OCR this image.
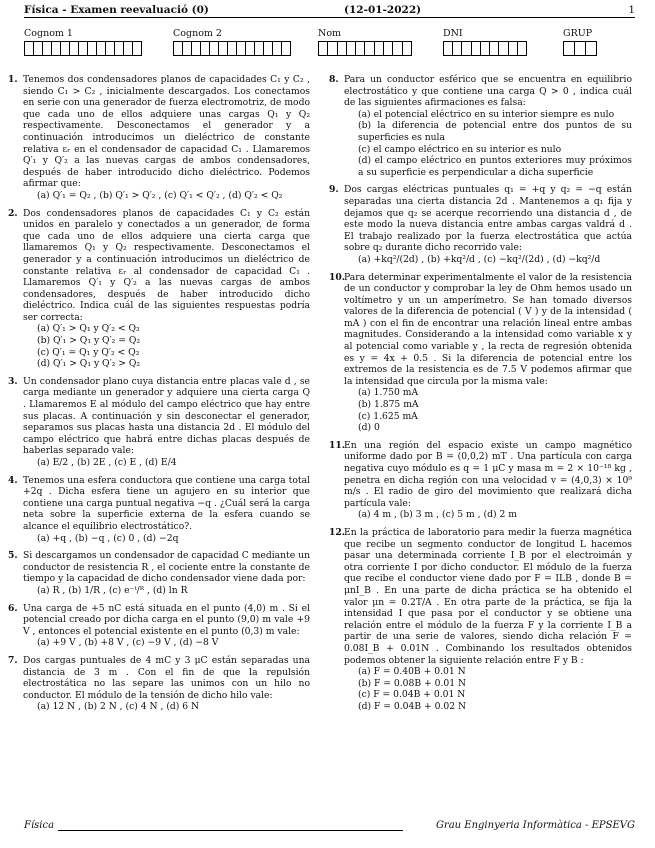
Física - Examen reevaluació (0)	(12-01-2022)	1
Cognom 1	Cognom 2	Nom	DNI	GRUP
1. Tenemos dos condensadores planos de capacidades C₁ y C₂ , siendo C₁ > C₂ , inicialmente descargados. Los conectamos en serie con una generador de fuerza electromotriz, de modo que cada uno de ellos adquiere unas cargas Q₁ y Q₂ respectivamente. Desconectamos el generador y a continuación introducimos un dieléctrico de constante relativa εᵣ en el condensador de capacidad C₁ . Llamaremos Q′₁ y Q′₂ a las nuevas cargas de ambos condensadores, después de haber introducido dicho dieléctrico. Podemos afirmar que:
(a) Q′₁ = Q₂ , (b) Q′₁ > Q′₂ , (c) Q′₁ < Q′₂ , (d) Q′₂ < Q₂
2. Dos condensadores planos de capacidades C₁ y C₂ están unidos en paralelo y conectados a un generador, de forma que cada uno de ellos adquiere una cierta carga que llamaremos Q₁ y Q₂ respectivamente. Desconectamos el generador y a continuación introducimos un dieléctrico de constante relativa εᵣ al condensador de capacidad C₁ . Llamaremos Q′₁ y Q′₂ a las nuevas cargas de ambos condensadores, después de haber introducido dicho dieléctrico. Indica cuál de las siguientes respuestas podría ser correcta:
(a) Q′₁ > Q₁ y Q′₂ < Q₂
(b) Q′₁ > Q₁ y Q′₂ = Q₂
(c) Q′₁ = Q₁ y Q′₂ < Q₂
(d) Q′₁ > Q₁ y Q′₂ > Q₂
3. Un condensador plano cuya distancia entre placas vale d , se carga mediante un generador y adquiere una cierta carga Q . Llamaremos E al módulo del campo eléctrico que hay entre sus placas. A continuación y sin desconectar el generador, separamos sus placas hasta una distancia 2d . El módulo del campo eléctrico que habrá entre dichas placas después de haberlas separado vale:
(a) E/2 , (b) 2E , (c) E , (d) E/4
4. Tenemos una esfera conductora que contiene una carga total +2q . Dicha esfera tiene un agujero en su interior que contiene una carga puntual negativa −q . ¿Cuál será la carga neta sobre la superficie externa de la esfera cuando se alcance el equilibrio electrostático?.
(a) +q , (b) −q , (c) 0 , (d) −2q
5. Si descargamos un condensador de capacidad C mediante un conductor de resistencia R , el cociente entre la constante de tiempo y la capacidad de dicho condensador viene dada por:
(a) R , (b) 1/R , (c) e⁻ᵗ/ᴿ , (d) ln R
6. Una carga de +5 nC está situada en el punto (4,0) m . Si el potencial creado por dicha carga en el punto (9,0) m vale +9 V , entonces el potencial existente en el punto (0,3) m vale:
(a) +9 V , (b) +8 V , (c) −9 V , (d) −8 V
7. Dos cargas puntuales de 4 mC y 3 μC están separadas una distancia de 3 m . Con el fin de que la repulsión electrostática no las separe las unimos con un hilo no conductor. El módulo de la tensión de dicho hilo vale:
(a) 12 N , (b) 2 N , (c) 4 N , (d) 6 N
8. Para un conductor esférico que se encuentra en equilibrio electrostático y que contiene una carga Q > 0 , indica cuál de las siguientes afirmaciones es falsa:
(a) el potencial eléctrico en su interior siempre es nulo
(b) la diferencia de potencial entre dos puntos de su superficies es nula
(c) el campo eléctrico en su interior es nulo
(d) el campo eléctrico en puntos exteriores muy próximos a su superficie es perpendicular a dicha superficie
9. Dos cargas eléctricas puntuales q₁ = +q y q₂ = −q están separadas una cierta distancia 2d . Mantenemos a q₁ fija y dejamos que q₂ se acerque recorriendo una distancia d , de este modo la nueva distancia entre ambas cargas valdrá d . El trabajo realizado por la fuerza electrostática que actúa sobre q₂ durante dicho recorrido vale:
(a) +kq²/(2d) , (b) +kq²/d , (c) −kq²/(2d) , (d) −kq²/d
10. Para determinar experimentalmente el valor de la resistencia de un conductor y comprobar la ley de Ohm hemos usado un voltímetro y un un amperímetro. Se han tomado diversos valores de la diferencia de potencial ( V ) y de la intensidad ( mA ) con el fin de encontrar una relación lineal entre ambas magnitudes. Considerando a la intensidad como variable x y al potencial como variable y , la recta de regresión obtenida es y = 4x + 0.5 . Si la diferencia de potencial entre los extremos de la resistencia es de 7.5 V podemos afirmar que la intensidad que circula por la misma vale:
(a) 1.750 mA
(b) 1.875 mA
(c) 1.625 mA
(d) 0
11. En una región del espacio existe un campo magnético uniforme dado por B = (0,0,2) mT . Una partícula con carga negativa cuyo módulo es q = 1 μC y masa m = 2 × 10⁻¹⁸ kg , penetra en dicha región con una velocidad v = (4,0,3) × 10⁹ m/s . El radio de giro del movimiento que realizará dicha partícula vale:
(a) 4 m , (b) 3 m , (c) 5 m , (d) 2 m
12. En la práctica de laboratorio para medir la fuerza magnética que recibe un segmento conductor de longitud L hacemos pasar una determinada corriente I_B por el electroimán y otra corriente I por dicho conductor. El módulo de la fuerza que recibe el conductor viene dado por F = ILB , donde B = μnI_B . En una parte de dicha práctica se ha obtenido el valor μn = 0.2T/A . En otra parte de la práctica, se fija la intensidad I que pasa por el conductor y se obtiene una relación entre el módulo de la fuerza F y la corriente I_B a partir de una serie de valores, siendo dicha relación F = 0.08I_B + 0.01N . Combinando los resultados obtenidos podemos obtener la siguiente relación entre F y B :
(a) F = 0.40B + 0.01 N
(b) F = 0.08B + 0.01 N
(c) F = 0.04B + 0.01 N
(d) F = 0.04B + 0.02 N
Física	Grau Enginyeria Informàtica - EPSEVG
